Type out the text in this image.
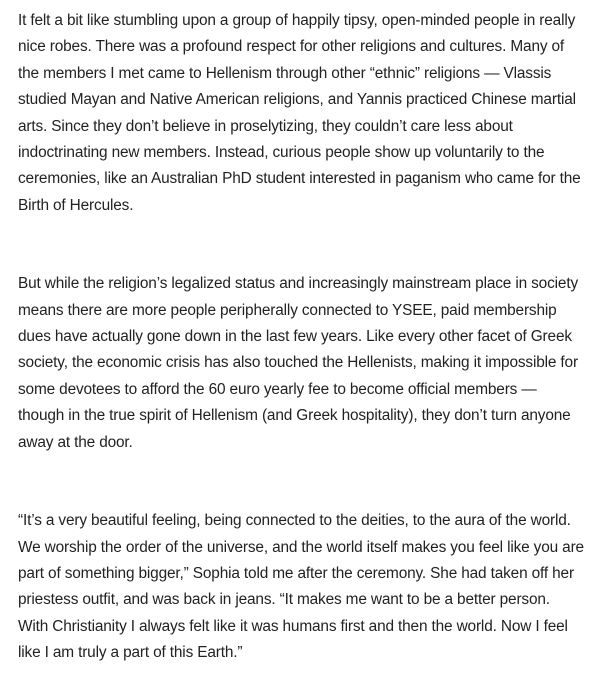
It felt a bit like stumbling upon a group of happily tipsy, open-minded people in really nice robes. There was a profound respect for other religions and cultures. Many of the members I met came to Hellenism through other “ethnic” religions — Vlassis studied Mayan and Native American religions, and Yannis practiced Chinese martial arts. Since they don’t believe in proselytizing, they couldn’t care less about indoctrinating new members. Instead, curious people show up voluntarily to the ceremonies, like an Australian PhD student interested in paganism who came for the Birth of Hercules.

But while the religion’s legalized status and increasingly mainstream place in society means there are more people peripherally connected to YSEE, paid membership dues have actually gone down in the last few years. Like every other facet of Greek society, the economic crisis has also touched the Hellenists, making it impossible for some devotees to afford the 60 euro yearly fee to become official members — though in the true spirit of Hellenism (and Greek hospitality), they don’t turn anyone away at the door.

“It’s a very beautiful feeling, being connected to the deities, to the aura of the world. We worship the order of the universe, and the world itself makes you feel like you are part of something bigger,” Sophia told me after the ceremony. She had taken off her priestess outfit, and was back in jeans. “It makes me want to be a better person. With Christianity I always felt like it was humans first and then the world. Now I feel like I am truly a part of this Earth.”
